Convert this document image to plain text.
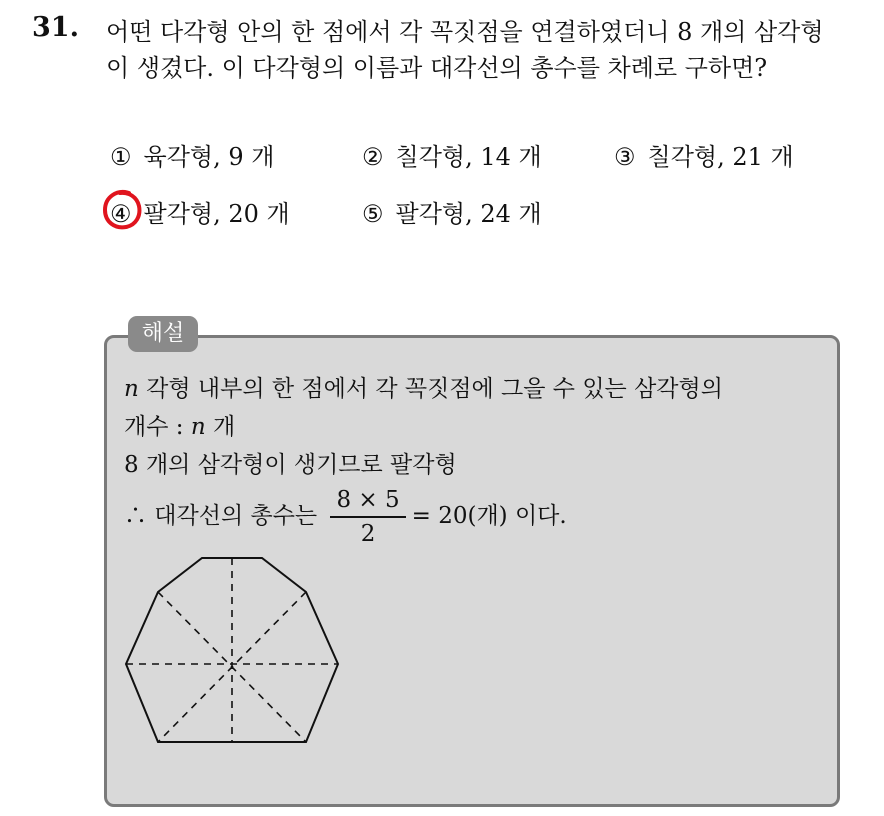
31. 어떤 다각형 안의 한 점에서 각 꼭짓점을 연결하였더니 8 개의 삼각형
이 생겼다. 이 다각형의 이름과 대각선의 총수를 차례로 구하면?
① 육각형, 9 개	② 칠각형, 14 개	③ 칠각형, 21 개
④ 팔각형, 20 개	⑤ 팔각형, 24 개
해설
n 각형 내부의 한 점에서 각 꼭짓점에 그을 수 있는 삼각형의
개수 : n 개
8 개의 삼각형이 생기므로 팔각형
∴ 대각선의 총수는 $\frac{8 \times 5}{2} = 20$(개) 이다.
